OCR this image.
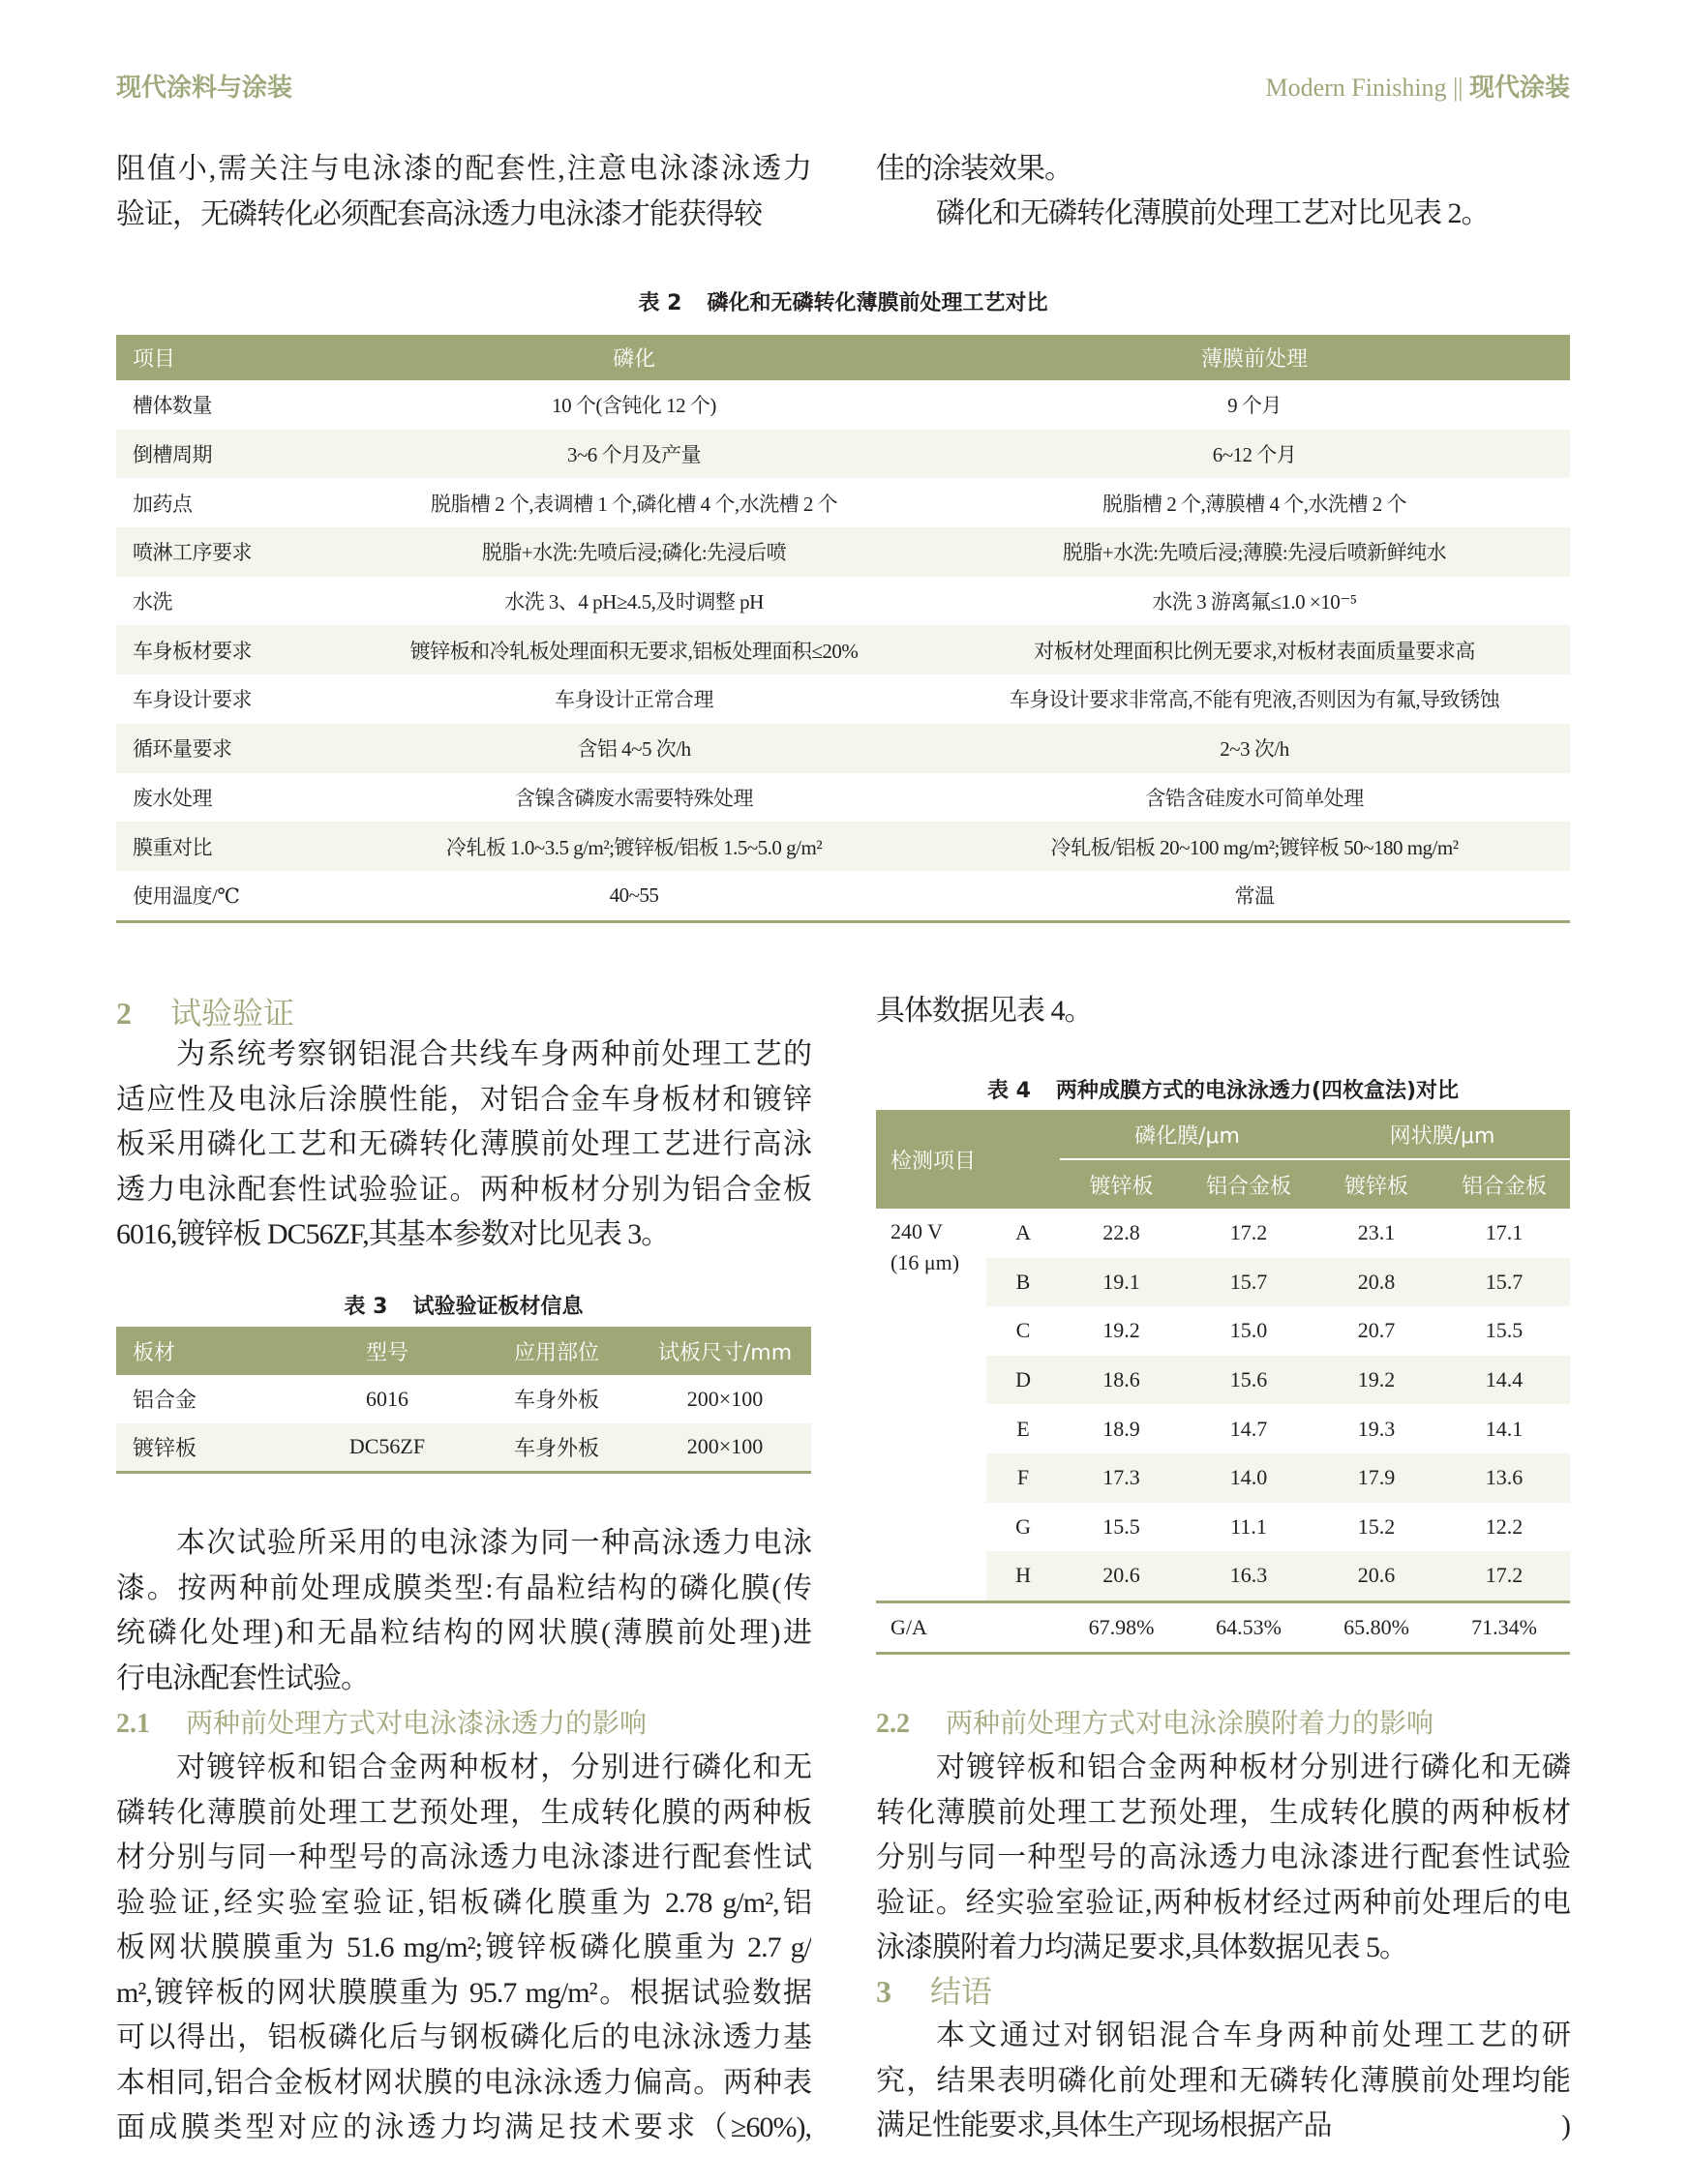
现代涂料与涂装	Modern Finishing || 现代涂装
阻值小,需关注与电泳漆的配套性,注意电泳漆泳透力
验证，无磷转化必须配套高泳透力电泳漆才能获得较
佳的涂装效果。
磷化和无磷转化薄膜前处理工艺对比见表 2。
表 2 磷化和无磷转化薄膜前处理工艺对比
项目	磷化	薄膜前处理
槽体数量	10 个(含钝化 12 个)	9 个月
倒槽周期	3~6 个月及产量	6~12 个月
加药点	脱脂槽 2 个,表调槽 1 个,磷化槽 4 个,水洗槽 2 个	脱脂槽 2 个,薄膜槽 4 个,水洗槽 2 个
喷淋工序要求	脱脂+水洗:先喷后浸;磷化:先浸后喷	脱脂+水洗:先喷后浸;薄膜:先浸后喷新鲜纯水
水洗	水洗 3、4 pH≥4.5,及时调整 pH	水洗 3 游离氟≤1.0 ×10⁻⁵
车身板材要求	镀锌板和冷轧板处理面积无要求,铝板处理面积≤20%	对板材处理面积比例无要求,对板材表面质量要求高
车身设计要求	车身设计正常合理	车身设计要求非常高,不能有兜液,否则因为有氟,导致锈蚀
循环量要求	含铝 4~5 次/h	2~3 次/h
废水处理	含镍含磷废水需要特殊处理	含锆含硅废水可简单处理
膜重对比	冷轧板 1.0~3.5 g/m²;镀锌板/铝板 1.5~5.0 g/m²	冷轧板/铝板 20~100 mg/m²;镀锌板 50~180 mg/m²
使用温度/℃	40~55	常温
2 试验验证
为系统考察钢铝混合共线车身两种前处理工艺的
适应性及电泳后涂膜性能，对铝合金车身板材和镀锌
板采用磷化工艺和无磷转化薄膜前处理工艺进行高泳
透力电泳配套性试验验证。两种板材分别为铝合金板
6016,镀锌板 DC56ZF,其基本参数对比见表 3。
表 3 试验验证板材信息
板材	型号	应用部位	试板尺寸/mm
铝合金	6016	车身外板	200×100
镀锌板	DC56ZF	车身外板	200×100
本次试验所采用的电泳漆为同一种高泳透力电泳
漆。按两种前处理成膜类型:有晶粒结构的磷化膜(传
统磷化处理)和无晶粒结构的网状膜(薄膜前处理)进
行电泳配套性试验。
2.1 两种前处理方式对电泳漆泳透力的影响
对镀锌板和铝合金两种板材，分别进行磷化和无
磷转化薄膜前处理工艺预处理，生成转化膜的两种板
材分别与同一种型号的高泳透力电泳漆进行配套性试
验验证,经实验室验证,铝板磷化膜重为 2.78 g/m²,铝
板网状膜膜重为 51.6 mg/m²;镀锌板磷化膜重为 2.7 g/
m²,镀锌板的网状膜膜重为 95.7 mg/m²。根据试验数据
可以得出，铝板磷化后与钢板磷化后的电泳泳透力基
本相同,铝合金板材网状膜的电泳泳透力偏高。两种表
面成膜类型对应的泳透力均满足技术要求（≥60%),
具体数据见表 4。
表 4 两种成膜方式的电泳泳透力(四枚盒法)对比
检测项目		磷化膜/μm		网状膜/μm	
		镀锌板	铝合金板	镀锌板	铝合金板

240 V
(16 μm)	A	22.8	17.2	23.1	17.1
	B	19.1	15.7	20.8	15.7
	C	19.2	15.0	20.7	15.5
	D	18.6	15.6	19.2	14.4
	E	18.9	14.7	19.3	14.1
	F	17.3	14.0	17.9	13.6
	G	15.5	11.1	15.2	12.2
	H	20.6	16.3	20.6	17.2
G/A		67.98%	64.53%	65.80%	71.34%
2.2 两种前处理方式对电泳涂膜附着力的影响
对镀锌板和铝合金两种板材分别进行磷化和无磷
转化薄膜前处理工艺预处理，生成转化膜的两种板材
分别与同一种型号的高泳透力电泳漆进行配套性试验
验证。经实验室验证,两种板材经过两种前处理后的电
泳漆膜附着力均满足要求,具体数据见表 5。
3 结语
本文通过对钢铝混合车身两种前处理工艺的研
究，结果表明磷化前处理和无磷转化薄膜前处理均能
满足性能要求,具体生产现场根据产品	)
